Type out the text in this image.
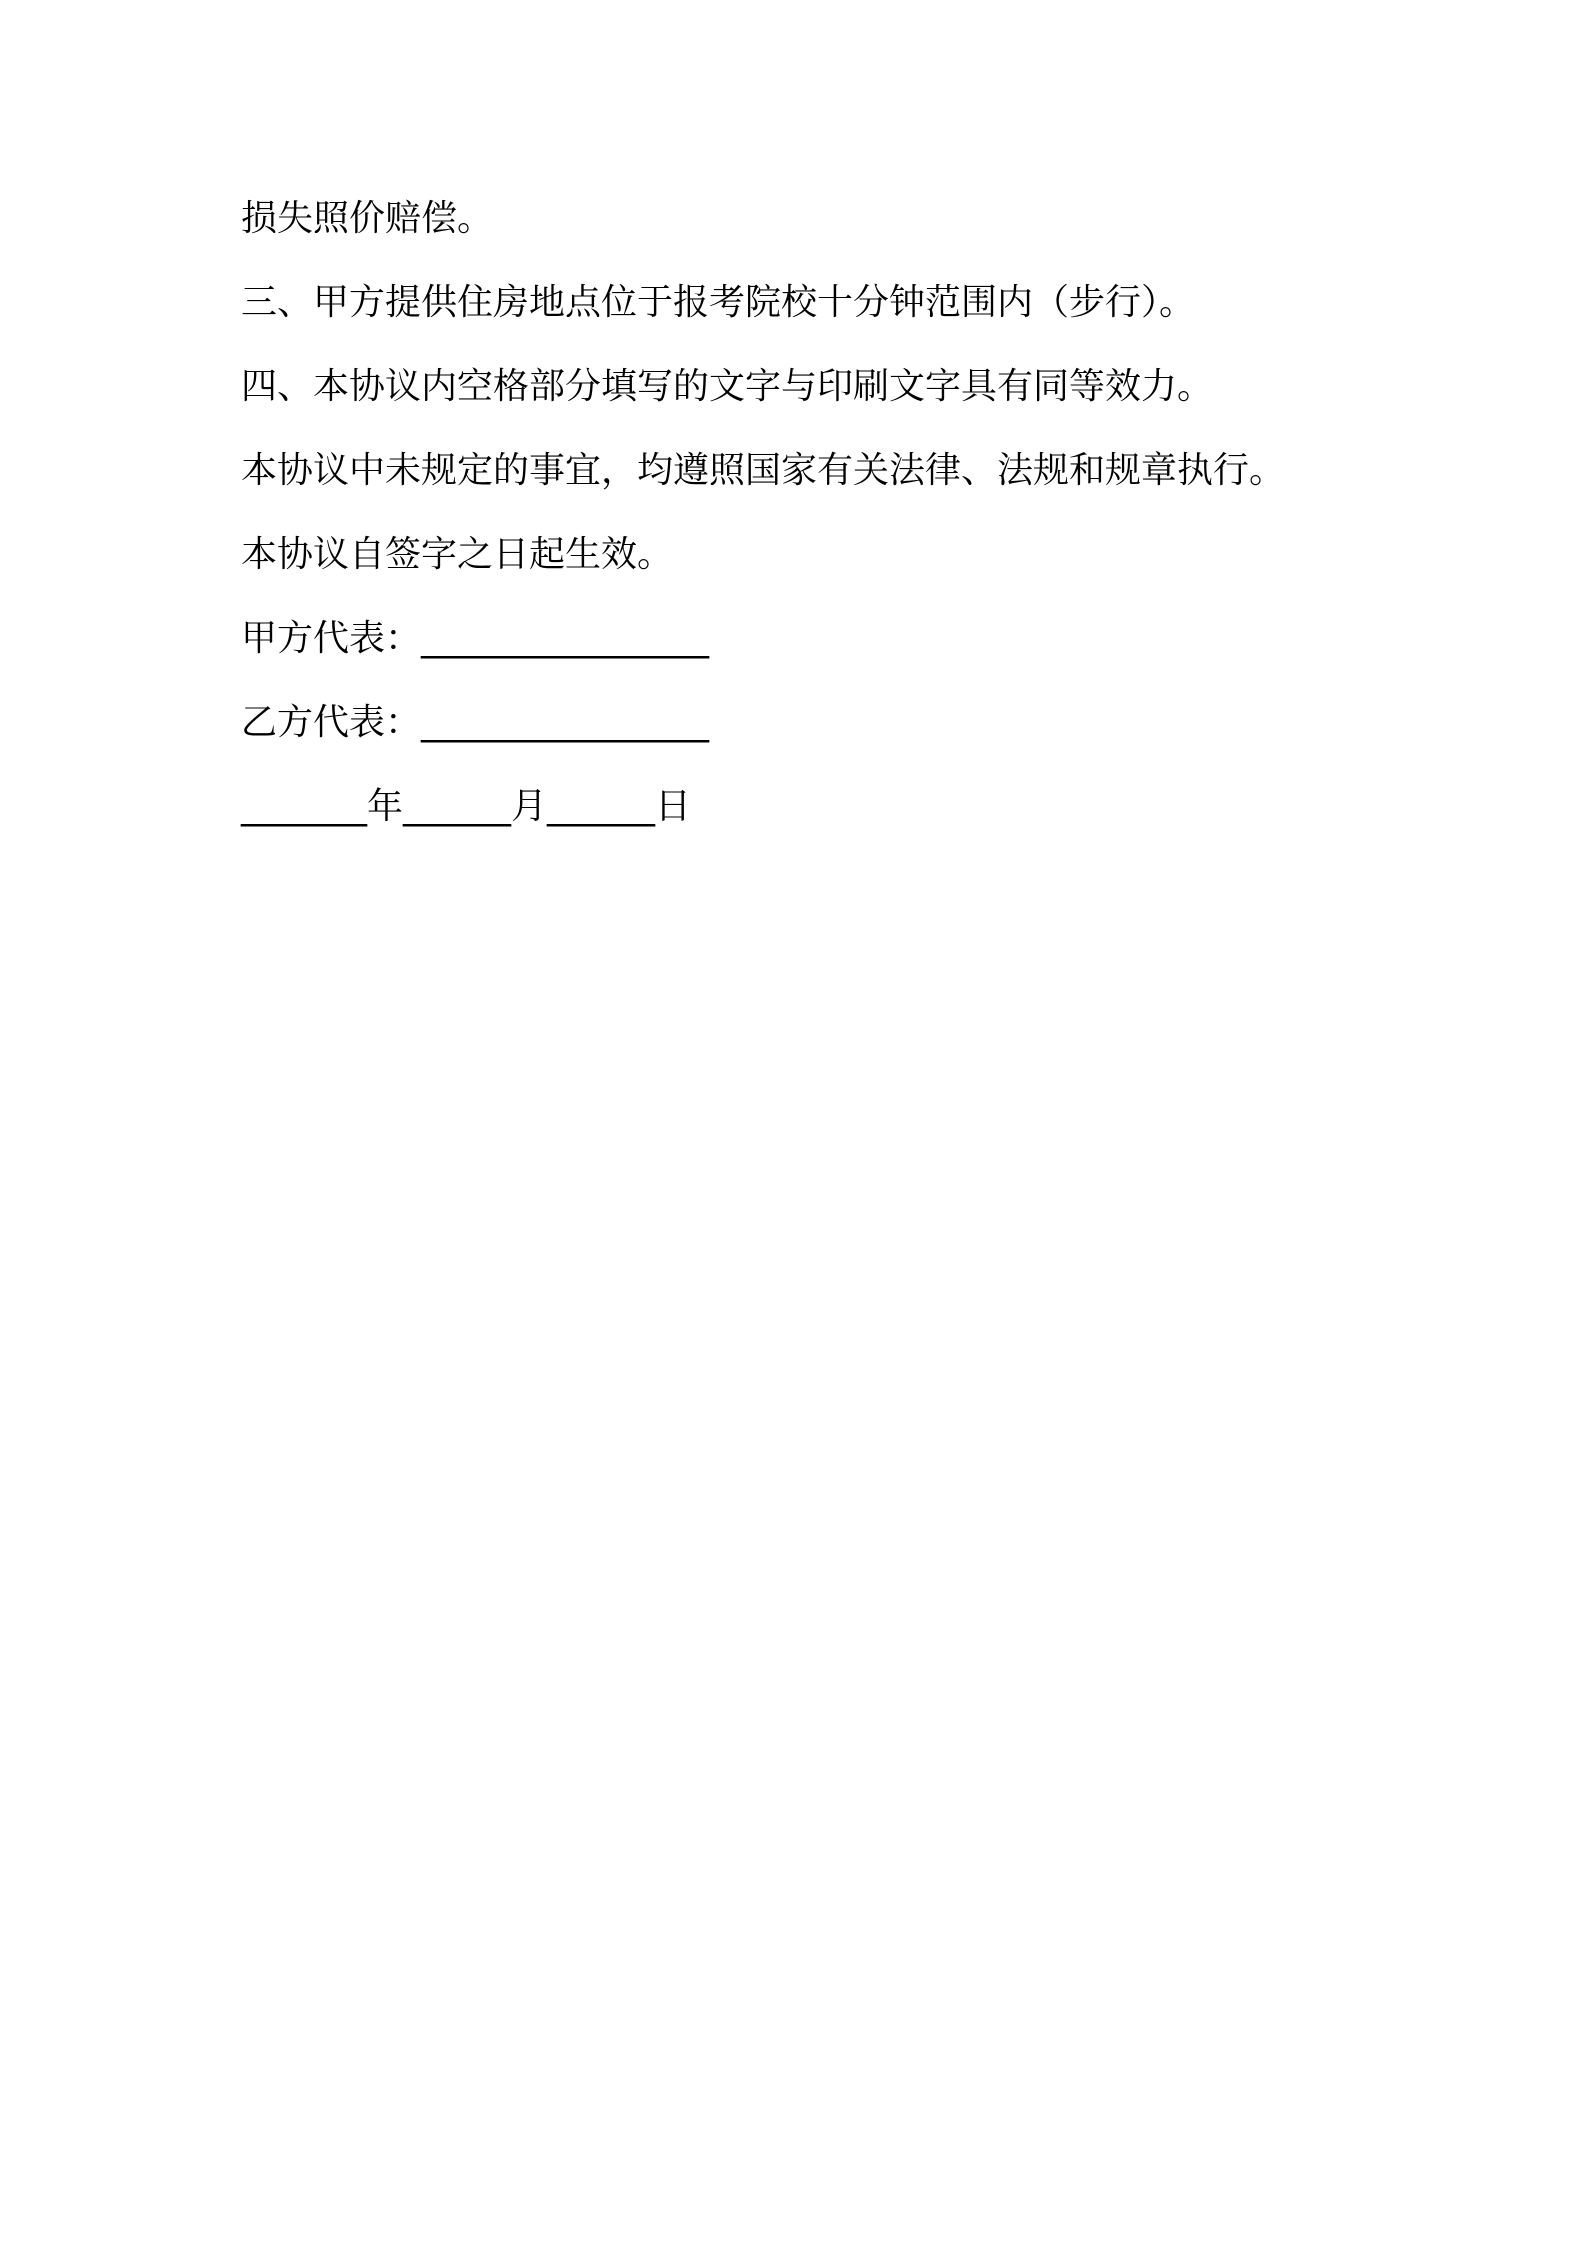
损失照价赔偿。
三、甲方提供住房地点位于报考院校十分钟范围内（步行）。
四、本协议内空格部分填写的文字与印刷文字具有同等效力。
本协议中未规定的事宜，均遵照国家有关法律、法规和规章执行。
本协议自签字之日起生效。
甲方代表：________________
乙方代表：________________
_______年______月______日
